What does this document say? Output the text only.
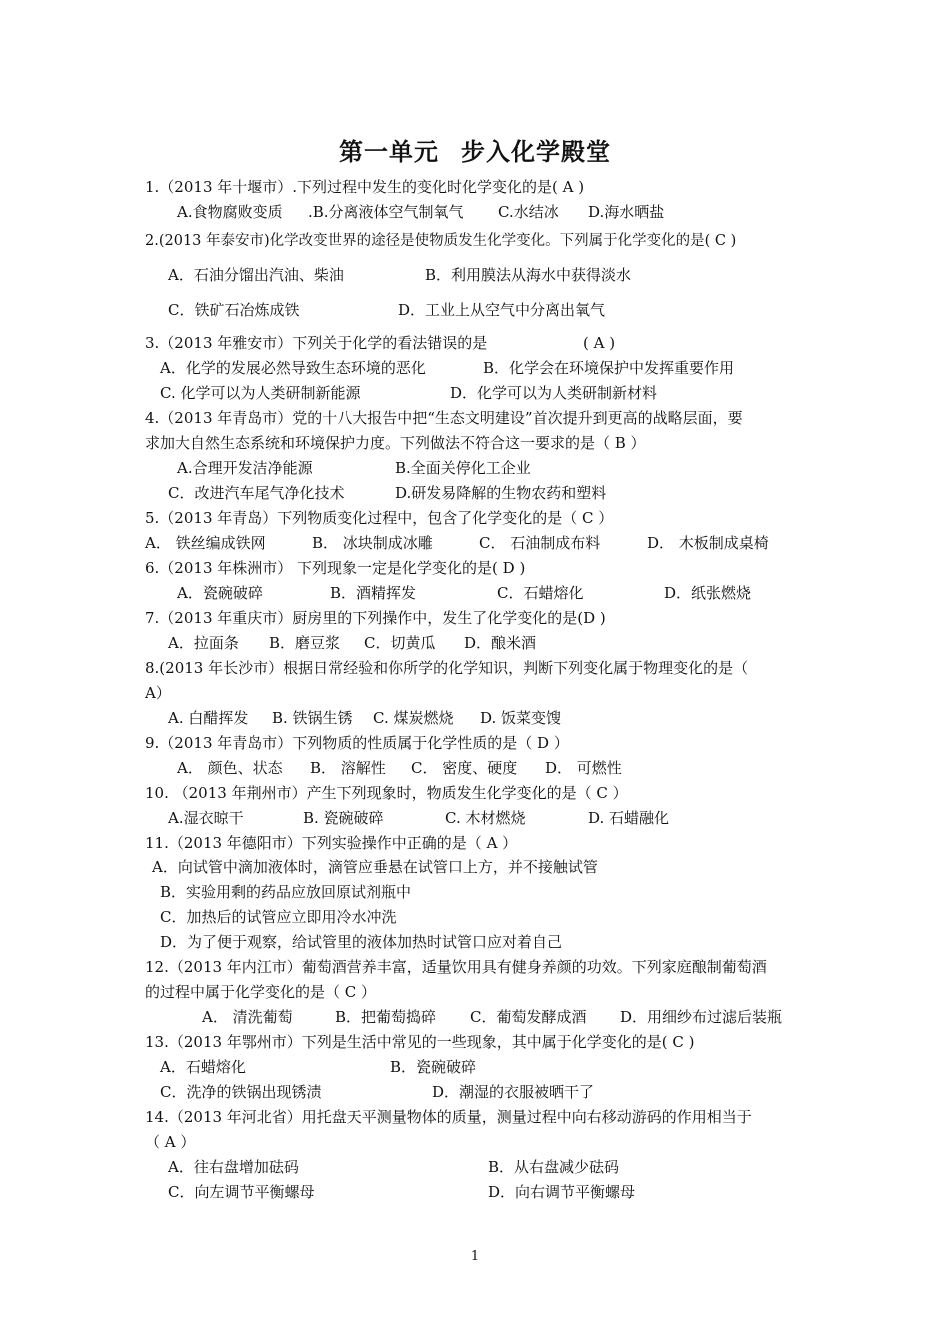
第一单元 步入化学殿堂
1.（2013 年十堰市）.下列过程中发生的变化时化学变化的是( A )
A.食物腐败变质 .B.分离液体空气制氧气 C.水结冰 D.海水晒盐
2.(2013 年泰安市)化学改变世界的途径是使物质发生化学变化。下列属于化学变化的是( C )
A．石油分馏出汽油、柴油	B．利用膜法从海水中获得淡水
C．铁矿石冶炼成铁	D．工业上从空气中分离出氧气
3.（2013 年雅安市）下列关于化学的看法错误的是	( A )
A．化学的发展必然导致生态环境的恶化	B．化学会在环境保护中发挥重要作用
C. 化学可以为人类研制新能源	D．化学可以为人类研制新材料
4.（2013 年青岛市）党的十八大报告中把“生态文明建设”首次提升到更高的战略层面，要
求加大自然生态系统和环境保护力度。下列做法不符合这一要求的是（ B ）
A.合理开发洁净能源	B.全面关停化工企业
C．改进汽车尾气净化技术	D.研发易降解的生物农药和塑料
5.（2013 年青岛）下列物质变化过程中，包含了化学变化的是（ C ）
A． 铁丝编成铁网	B． 冰块制成冰雕	C． 石油制成布料	D． 木板制成桌椅
6.（2013 年株洲市） 下列现象一定是化学变化的是( D )
A．瓷碗破碎	B．酒精挥发	C．石蜡熔化	D．纸张燃烧
7.（2013 年重庆市）厨房里的下列操作中，发生了化学变化的是(D )
A．拉面条 B．磨豆浆 C．切黄瓜 D．酿米酒
8.(2013 年长沙市）根据日常经验和你所学的化学知识，判断下列变化属于物理变化的是（
A）
A. 白醋挥发 B. 铁锅生锈 C. 煤炭燃烧 D. 饭菜变馊
9.（2013 年青岛市）下列物质的性质属于化学性质的是（ D ）
A． 颜色、状态 B． 溶解性 C． 密度、硬度 D． 可燃性
10. （2013 年荆州市）产生下列现象时，物质发生化学变化的是（ C ）
A.湿衣晾干	B. 瓷碗破碎	C. 木材燃烧	D. 石蜡融化
11.（2013 年德阳市）下列实验操作中正确的是（ A ）
A．向试管中滴加液体时，滴管应垂悬在试管口上方，并不接触试管
B．实验用剩的药品应放回原试剂瓶中
C．加热后的试管应立即用冷水冲洗
D．为了便于观察，给试管里的液体加热时试管口应对着自己
12.（2013 年内江市）葡萄酒营养丰富，适量饮用具有健身养颜的功效。下列家庭酿制葡萄酒
的过程中属于化学变化的是（ C ）
A． 清洗葡萄	B．把葡萄捣碎 C．葡萄发酵成酒 D．用细纱布过滤后装瓶
13.（2013 年鄂州市）下列是生活中常见的一些现象，其中属于化学变化的是( C )
A．石蜡熔化	B．瓷碗破碎
C．洗净的铁锅出现锈渍	D．潮湿的衣服被晒干了
14.（2013 年河北省）用托盘天平测量物体的质量，测量过程中向右移动游码的作用相当于
（ A ）
A．往右盘增加砝码	B．从右盘减少砝码
C．向左调节平衡螺母	D．向右调节平衡螺母
1
